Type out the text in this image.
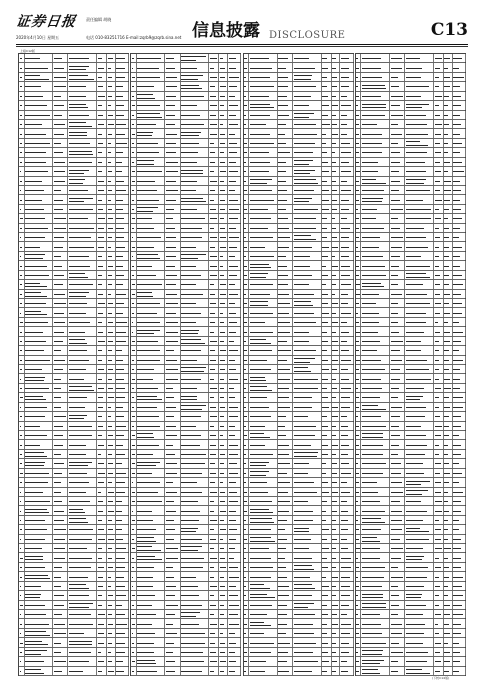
证券日报 责任编辑 胡晓
2020年4月10日 星期五	电话 010-83251716 E-mail:zqrb9@zqrb.sina.net 信息披露 DISCLOSURE	C13
上接C12版
(下转C14版)
